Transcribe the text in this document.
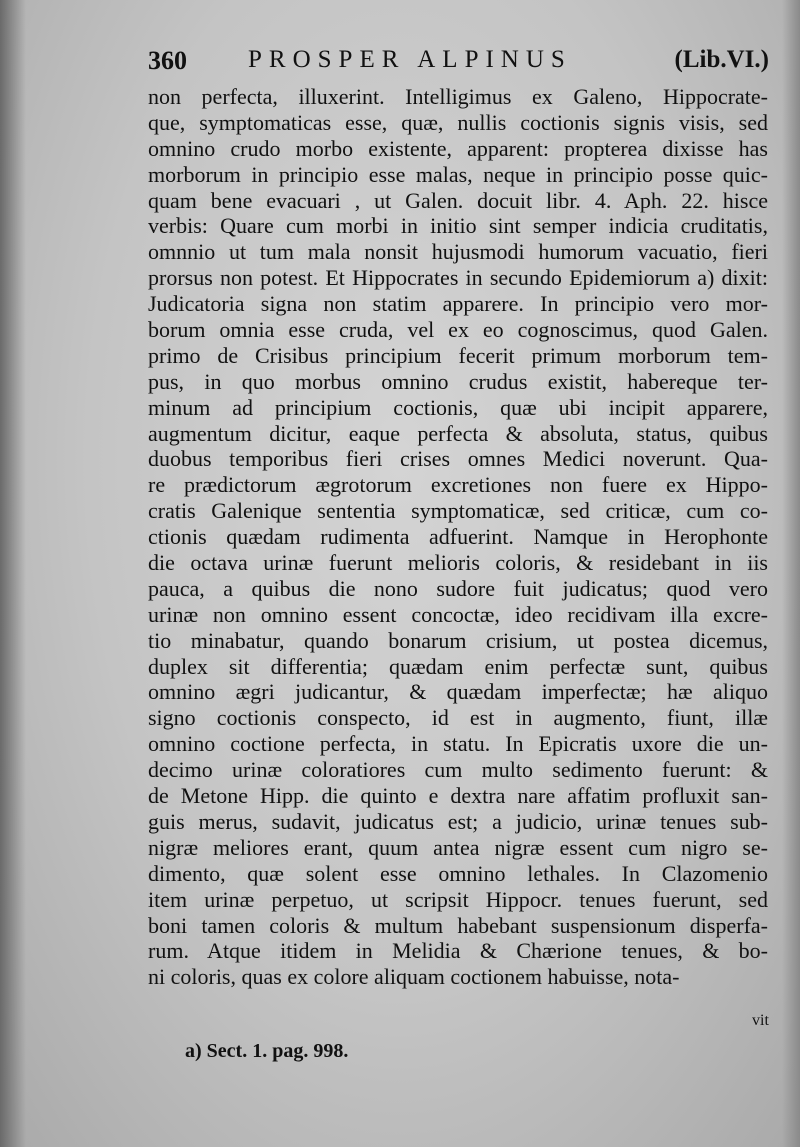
360 PROSPER ALPINUS	(Lib.VI.)
non perfecta, illuxerint. Intelligimus ex Galeno, Hippocrate-
que, symptomaticas esse, quæ, nullis coctionis signis visis, sed
omnino crudo morbo existente, apparent: propterea dixisse has
morborum in principio esse malas, neque in principio posse quic-
quam bene evacuari , ut Galen. docuit libr. 4. Aph. 22. hisce
verbis: Quare cum morbi in initio sint semper indicia cruditatis,
omnnio ut tum mala nonsit hujusmodi humorum vacuatio, fieri
prorsus non potest. Et Hippocrates in secundo Epidemiorum a) dixit:
Judicatoria signa non statim apparere. In principio vero mor-
borum omnia esse cruda, vel ex eo cognoscimus, quod Galen.
primo de Crisibus principium fecerit primum morborum tem-
pus, in quo morbus omnino crudus existit, habereque ter-
minum ad principium coctionis, quæ ubi incipit apparere,
augmentum dicitur, eaque perfecta & absoluta, status, quibus
duobus temporibus fieri crises omnes Medici noverunt. Qua-
re prædictorum ægrotorum excretiones non fuere ex Hippo-
cratis Galenique sententia symptomaticæ, sed criticæ, cum co-
ctionis quædam rudimenta adfuerint. Namque in Herophonte
die octava urinæ fuerunt melioris coloris, & residebant in iis
pauca, a quibus die nono sudore fuit judicatus; quod vero
urinæ non omnino essent concoctæ, ideo recidivam illa excre-
tio minabatur, quando bonarum crisium, ut postea dicemus,
duplex sit differentia; quædam enim perfectæ sunt, quibus
omnino ægri judicantur, & quædam imperfectæ; hæ aliquo
signo coctionis conspecto, id est in augmento, fiunt, illæ
omnino coctione perfecta, in statu. In Epicratis uxore die un-
decimo urinæ coloratiores cum multo sedimento fuerunt: &
de Metone Hipp. die quinto e dextra nare affatim profluxit san-
guis merus, sudavit, judicatus est; a judicio, urinæ tenues sub-
nigræ meliores erant, quum antea nigræ essent cum nigro se-
dimento, quæ solent esse omnino lethales. In Clazomenio
item urinæ perpetuo, ut scripsit Hippocr. tenues fuerunt, sed
boni tamen coloris & multum habebant suspensionum disperfa-
rum. Atque itidem in Melidia & Chærione tenues, & bo-
ni coloris, quas ex colore aliquam coctionem habuisse, nota-
vit
a) Sect. 1. pag. 998.
